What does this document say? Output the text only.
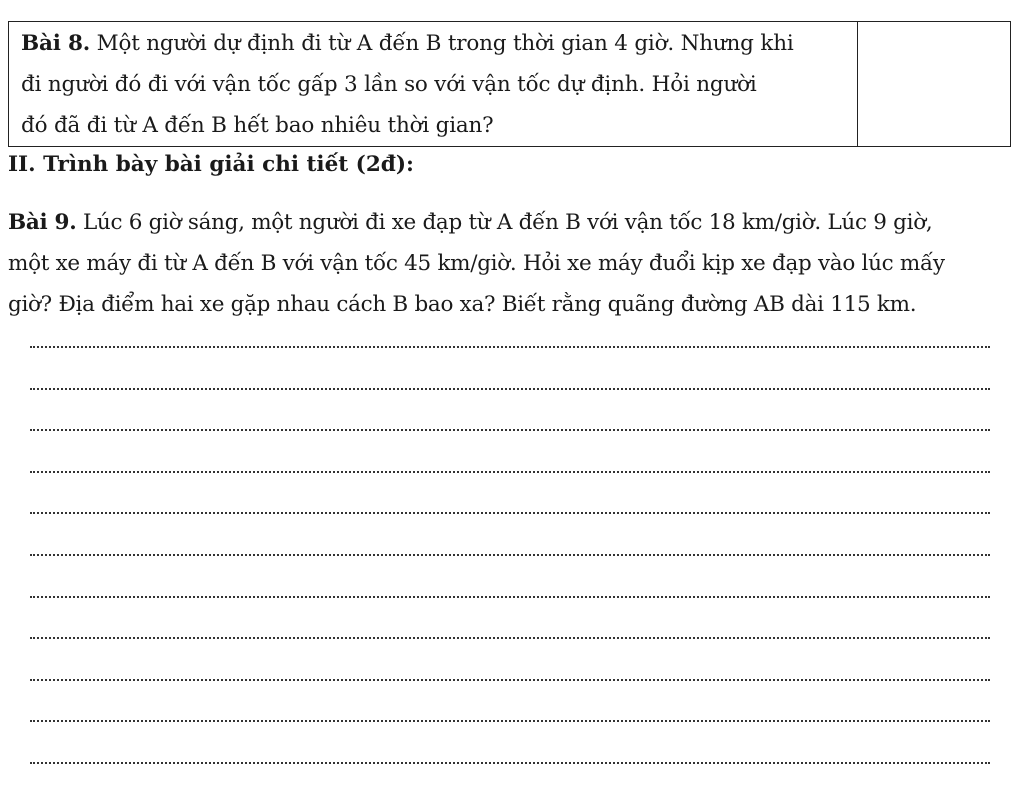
Bài 8. Một người dự định đi từ A đến B trong thời gian 4 giờ. Nhưng khi
đi người đó đi với vận tốc gấp 3 lần so với vận tốc dự định. Hỏi người
đó đã đi từ A đến B hết bao nhiêu thời gian?

II. Trình bày bài giải chi tiết (2đ):
Bài 9. Lúc 6 giờ sáng, một người đi xe đạp từ A đến B với vận tốc 18 km/giờ. Lúc 9 giờ,
một xe máy đi từ A đến B với vận tốc 45 km/giờ. Hỏi xe máy đuổi kịp xe đạp vào lúc mấy
giờ? Địa điểm hai xe gặp nhau cách B bao xa? Biết rằng quãng đường AB dài 115 km.
